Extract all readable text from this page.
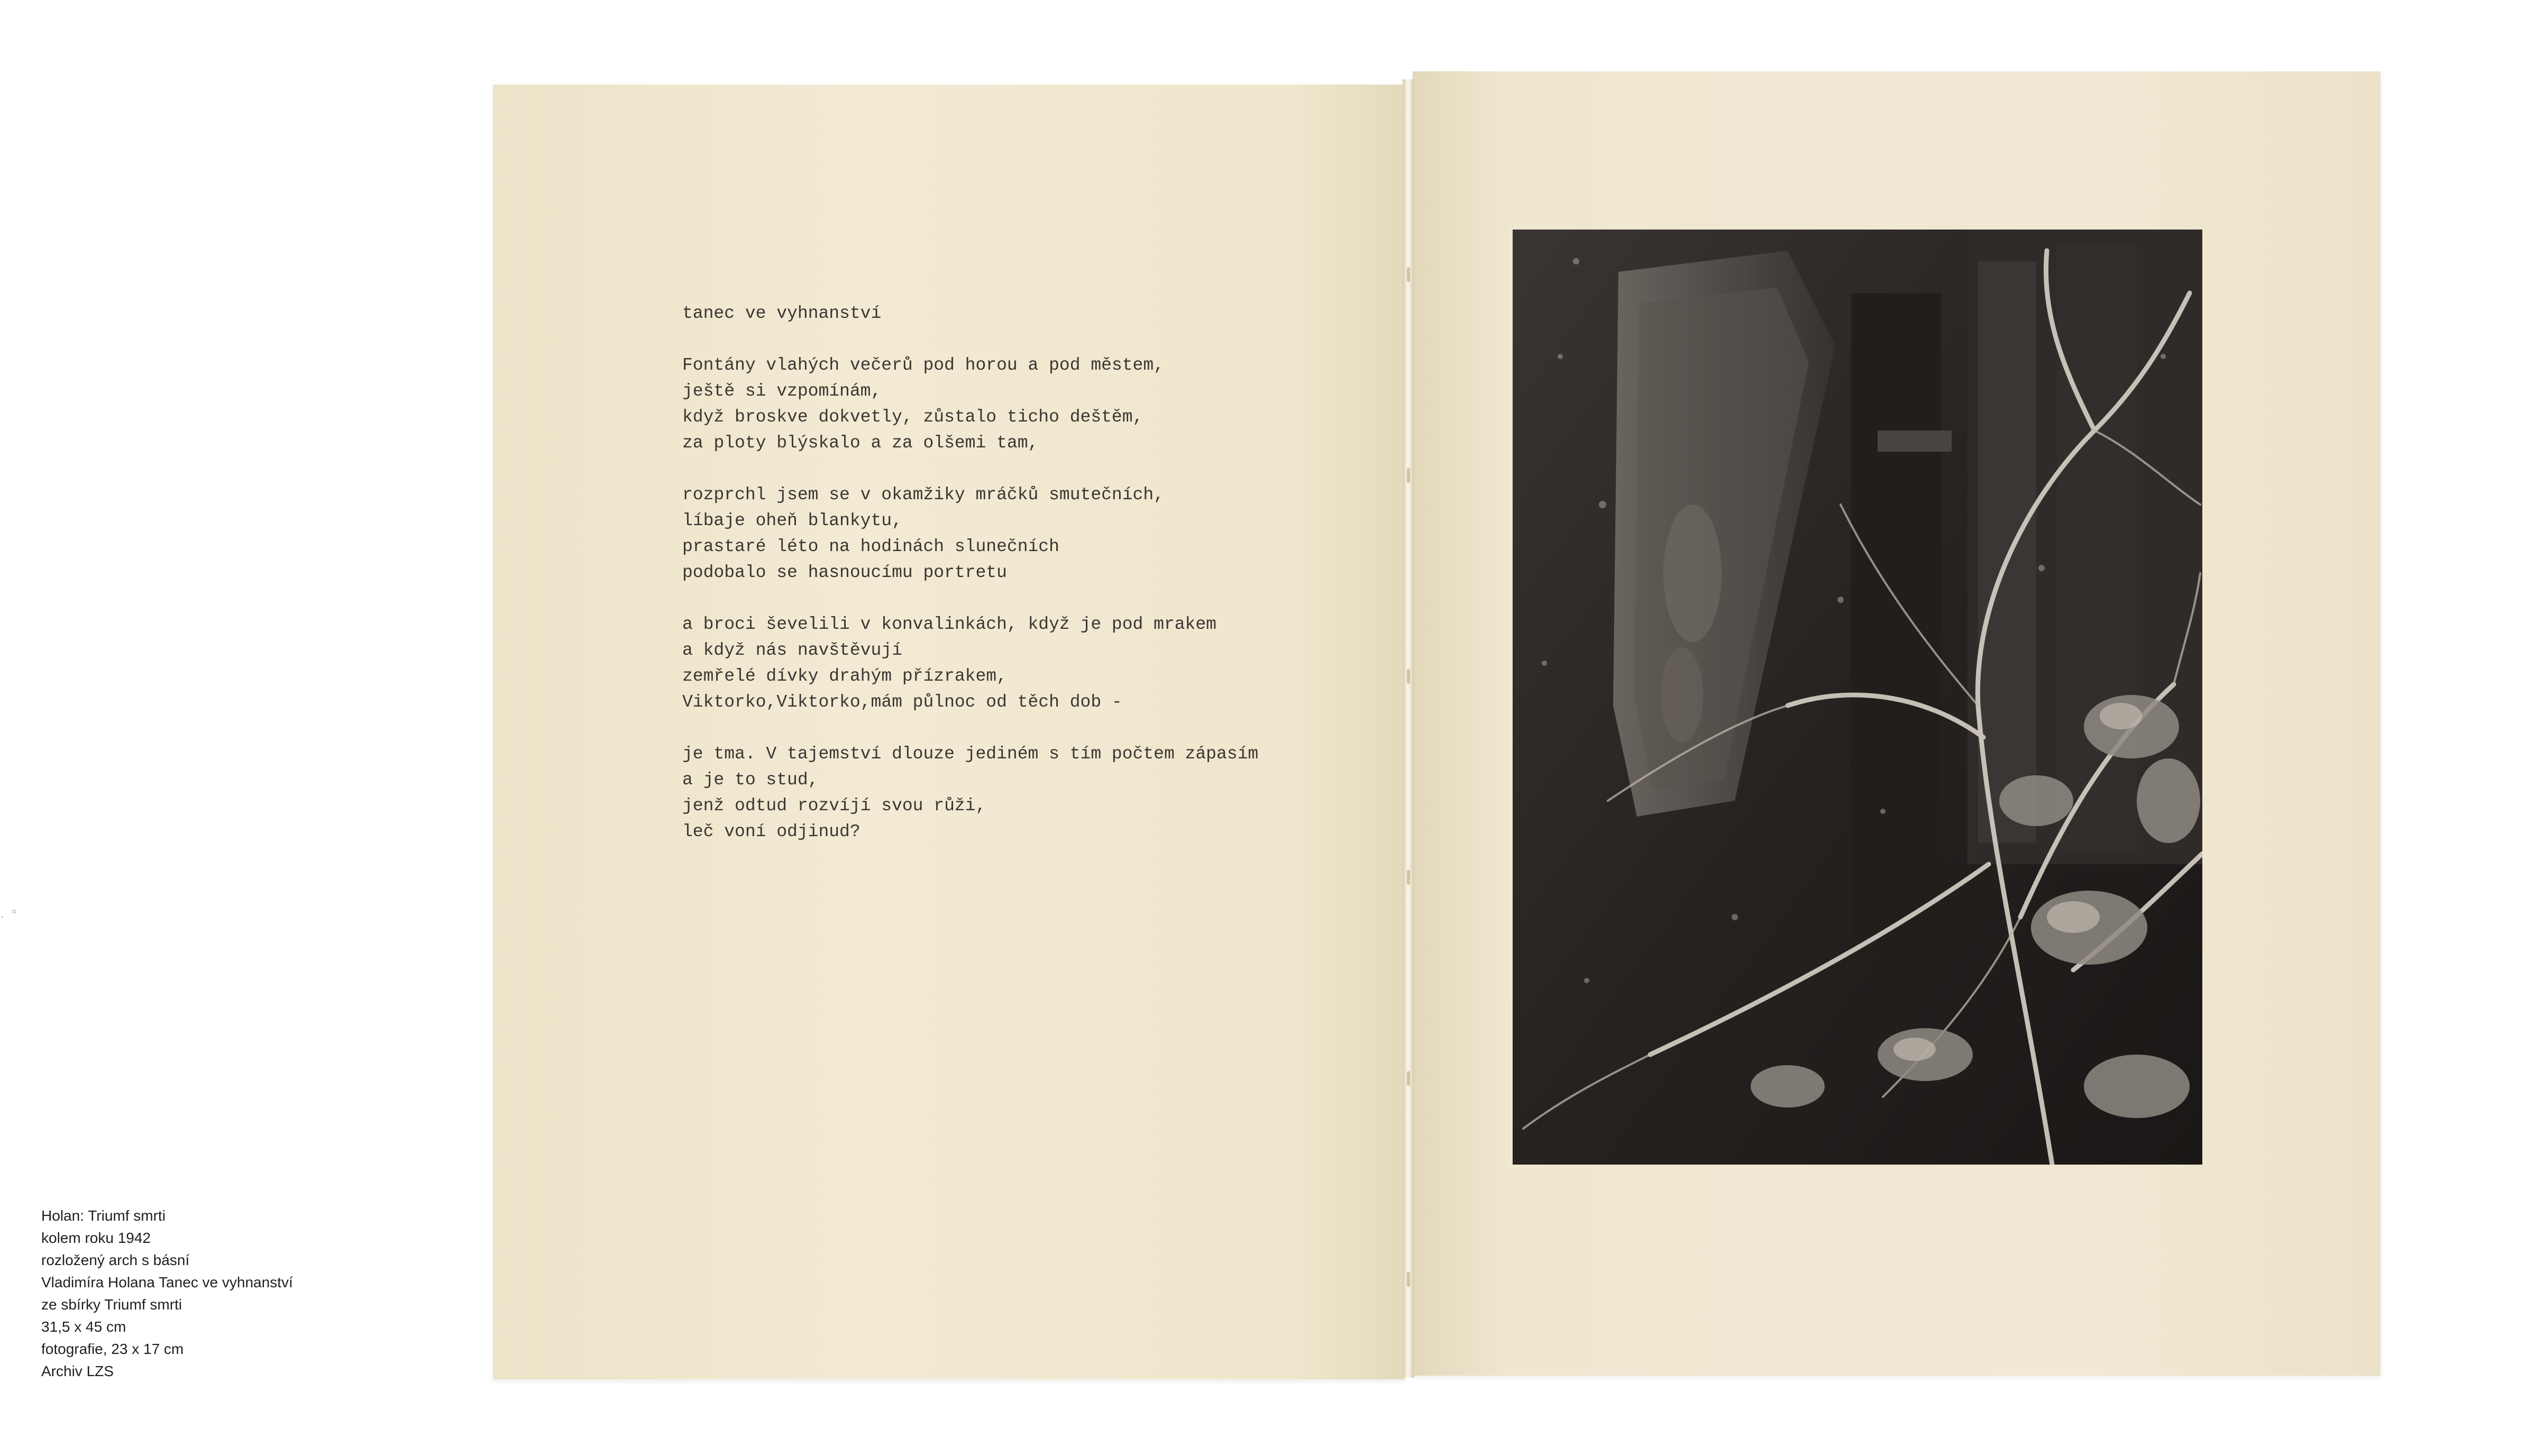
Holan: Triumf smrti
kolem roku 1942
rozložený arch s básní
Vladimíra Holana Tanec ve vyhnanství
ze sbírky Triumf smrti
31,5 x 45 cm
fotografie, 23 x 17 cm
Archiv LZS
tanec ve vyhnanství
Fontány vlahých večerů pod horou a pod městem,
ještě si vzpomínám,
když broskve dokvetly, zůstalo ticho deštěm,
za ploty blýskalo a za olšemi tam,
rozprchl jsem se v okamžiky mráčků smutečních,
líbaje oheň blankytu,
prastaré léto na hodinách slunečních
podobalo se hasnoucímu portretu
a broci ševelili v konvalinkách, když je pod mrakem
a když nás navštěvují
zemřelé dívky drahým přízrakem,
Viktorko,Viktorko,mám půlnoc od těch dob -
je tma. V tajemství dlouze jediném s tím počtem zápasím
a je to stud,
jenž odtud rozvíjí svou růži,
leč voní odjinud?
· ˚
